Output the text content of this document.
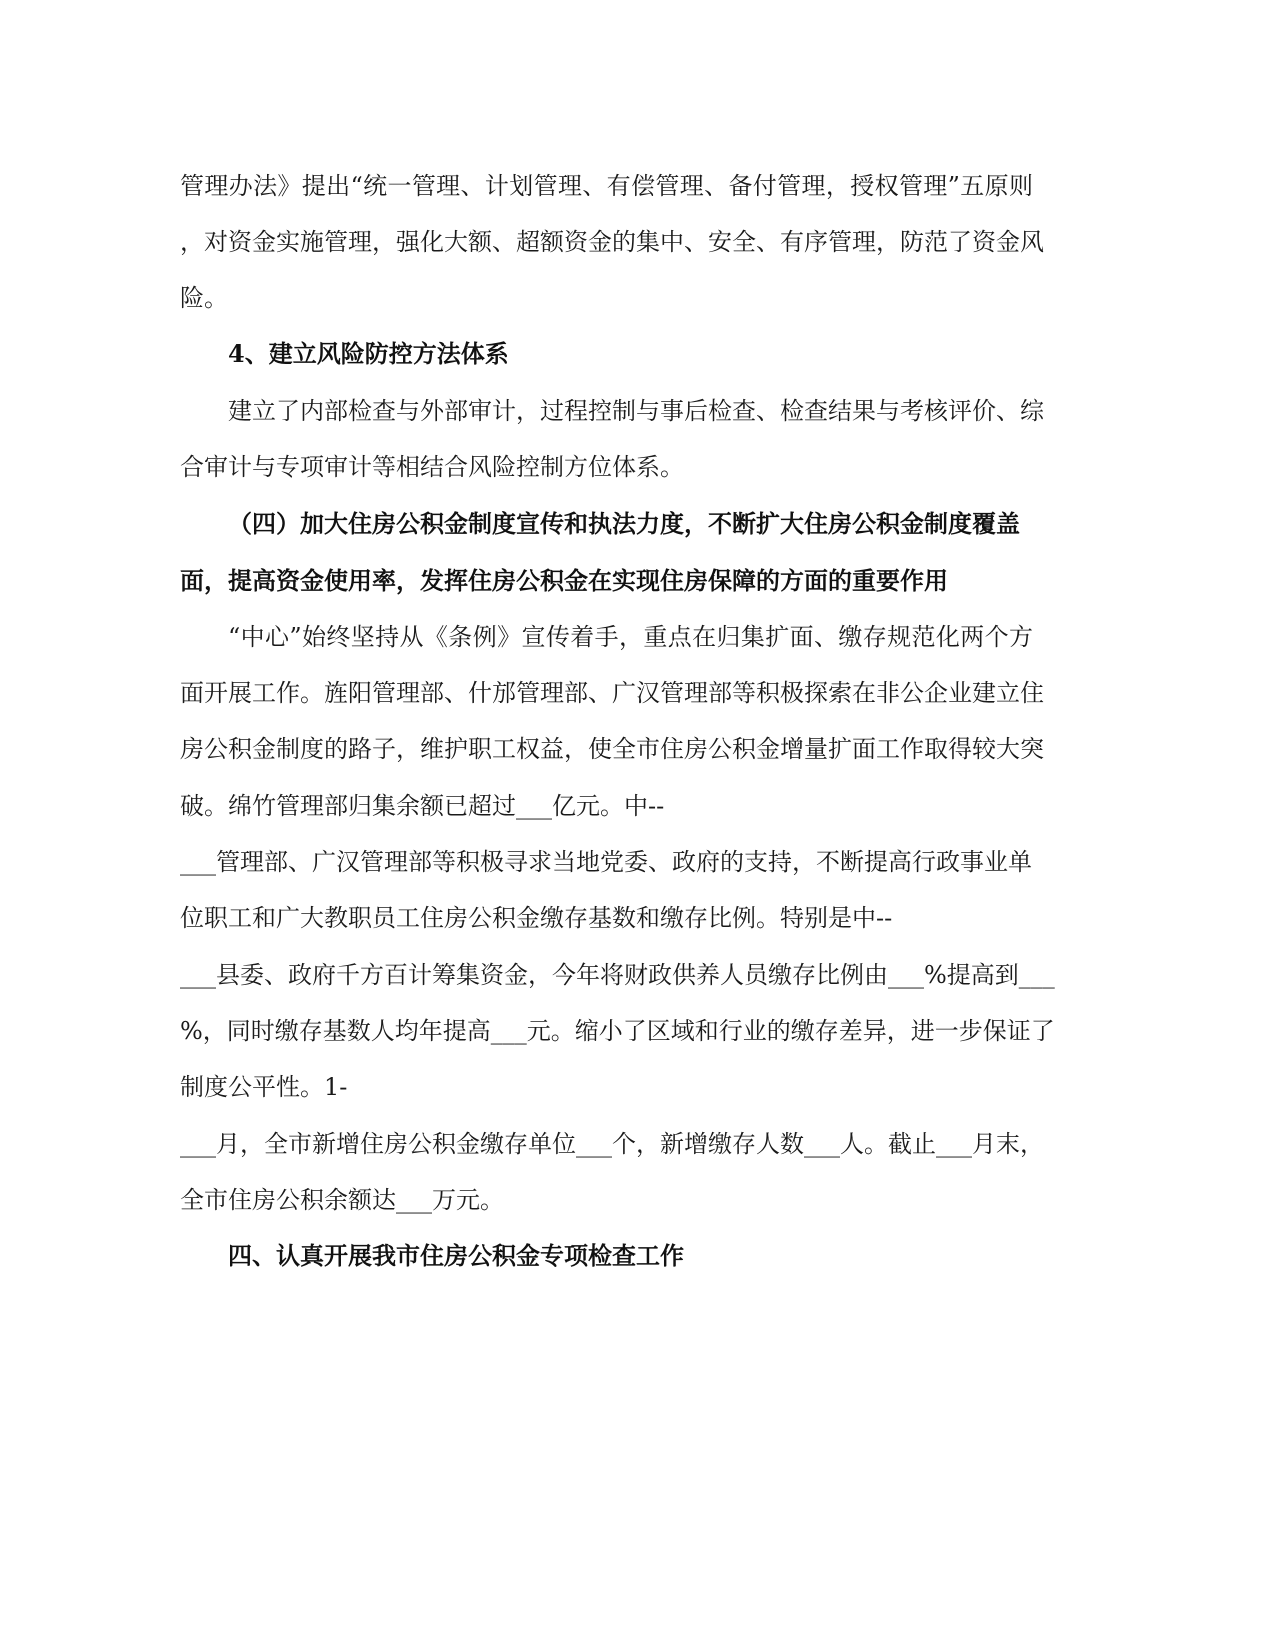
管理办法》提出“统一管理、计划管理、有偿管理、备付管理，授权管理”五原则
，对资金实施管理，强化大额、超额资金的集中、安全、有序管理，防范了资金风
险。
4、建立风险防控方法体系
建立了内部检查与外部审计，过程控制与事后检查、检查结果与考核评价、综
合审计与专项审计等相结合风险控制方位体系。
（四）加大住房公积金制度宣传和执法力度，不断扩大住房公积金制度覆盖
面，提高资金使用率，发挥住房公积金在实现住房保障的方面的重要作用
“中心”始终坚持从《条例》宣传着手，重点在归集扩面、缴存规范化两个方
面开展工作。旌阳管理部、什邡管理部、广汉管理部等积极探索在非公企业建立住
房公积金制度的路子，维护职工权益，使全市住房公积金增量扩面工作取得较大突
破。绵竹管理部归集余额已超过___亿元。中--
___管理部、广汉管理部等积极寻求当地党委、政府的支持，不断提高行政事业单
位职工和广大教职员工住房公积金缴存基数和缴存比例。特别是中--
___县委、政府千方百计筹集资金，今年将财政供养人员缴存比例由___%提高到___
%，同时缴存基数人均年提高___元。缩小了区域和行业的缴存差异，进一步保证了
制度公平性。1-
___月，全市新增住房公积金缴存单位___个，新增缴存人数___人。截止___月末，
全市住房公积余额达___万元。
四、认真开展我市住房公积金专项检查工作
